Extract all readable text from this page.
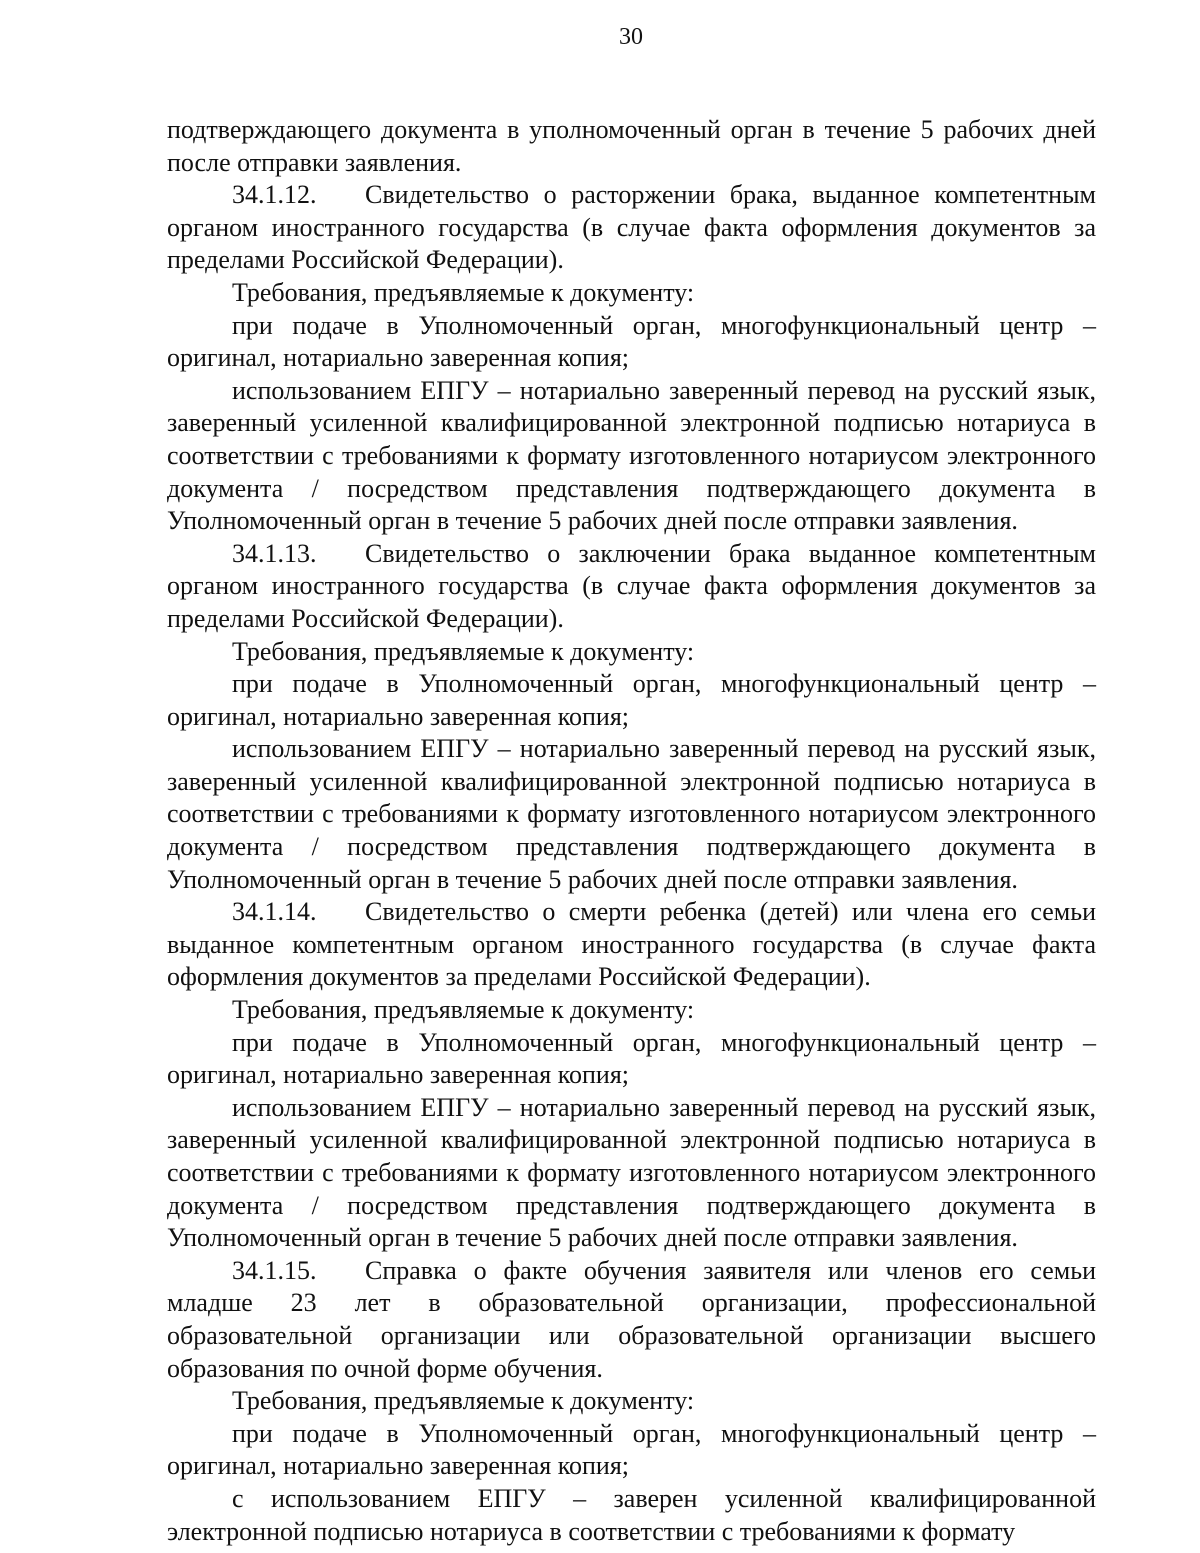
30

подтверждающего документа в уполномоченный орган в течение 5 рабочих дней после отправки заявления.

34.1.12. Свидетельство о расторжении брака, выданное компетентным органом иностранного государства (в случае факта оформления документов за пределами Российской Федерации).

Требования, предъявляемые к документу:

при подаче в Уполномоченный орган, многофункциональный центр – оригинал, нотариально заверенная копия;

использованием ЕПГУ – нотариально заверенный перевод на русский язык, заверенный усиленной квалифицированной электронной подписью нотариуса в соответствии с требованиями к формату изготовленного нотариусом электронного документа / посредством представления подтверждающего документа в Уполномоченный орган в течение 5 рабочих дней после отправки заявления.

34.1.13. Свидетельство о заключении брака выданное компетентным органом иностранного государства (в случае факта оформления документов за пределами Российской Федерации).

Требования, предъявляемые к документу:

при подаче в Уполномоченный орган, многофункциональный центр – оригинал, нотариально заверенная копия;

использованием ЕПГУ – нотариально заверенный перевод на русский язык, заверенный усиленной квалифицированной электронной подписью нотариуса в соответствии с требованиями к формату изготовленного нотариусом электронного документа / посредством представления подтверждающего документа в Уполномоченный орган в течение 5 рабочих дней после отправки заявления.

34.1.14. Свидетельство о смерти ребенка (детей) или члена его семьи выданное компетентным органом иностранного государства (в случае факта оформления документов за пределами Российской Федерации).

Требования, предъявляемые к документу:

при подаче в Уполномоченный орган, многофункциональный центр – оригинал, нотариально заверенная копия;

использованием ЕПГУ – нотариально заверенный перевод на русский язык, заверенный усиленной квалифицированной электронной подписью нотариуса в соответствии с требованиями к формату изготовленного нотариусом электронного документа / посредством представления подтверждающего документа в Уполномоченный орган в течение 5 рабочих дней после отправки заявления.

34.1.15. Справка о факте обучения заявителя или членов его семьи младше 23 лет в образовательной организации, профессиональной образовательной организации или образовательной организации высшего образования по очной форме обучения.

Требования, предъявляемые к документу:

при подаче в Уполномоченный орган, многофункциональный центр – оригинал, нотариально заверенная копия;

с использованием ЕПГУ – заверен усиленной квалифицированной электронной подписью нотариуса в соответствии с требованиями к формату
